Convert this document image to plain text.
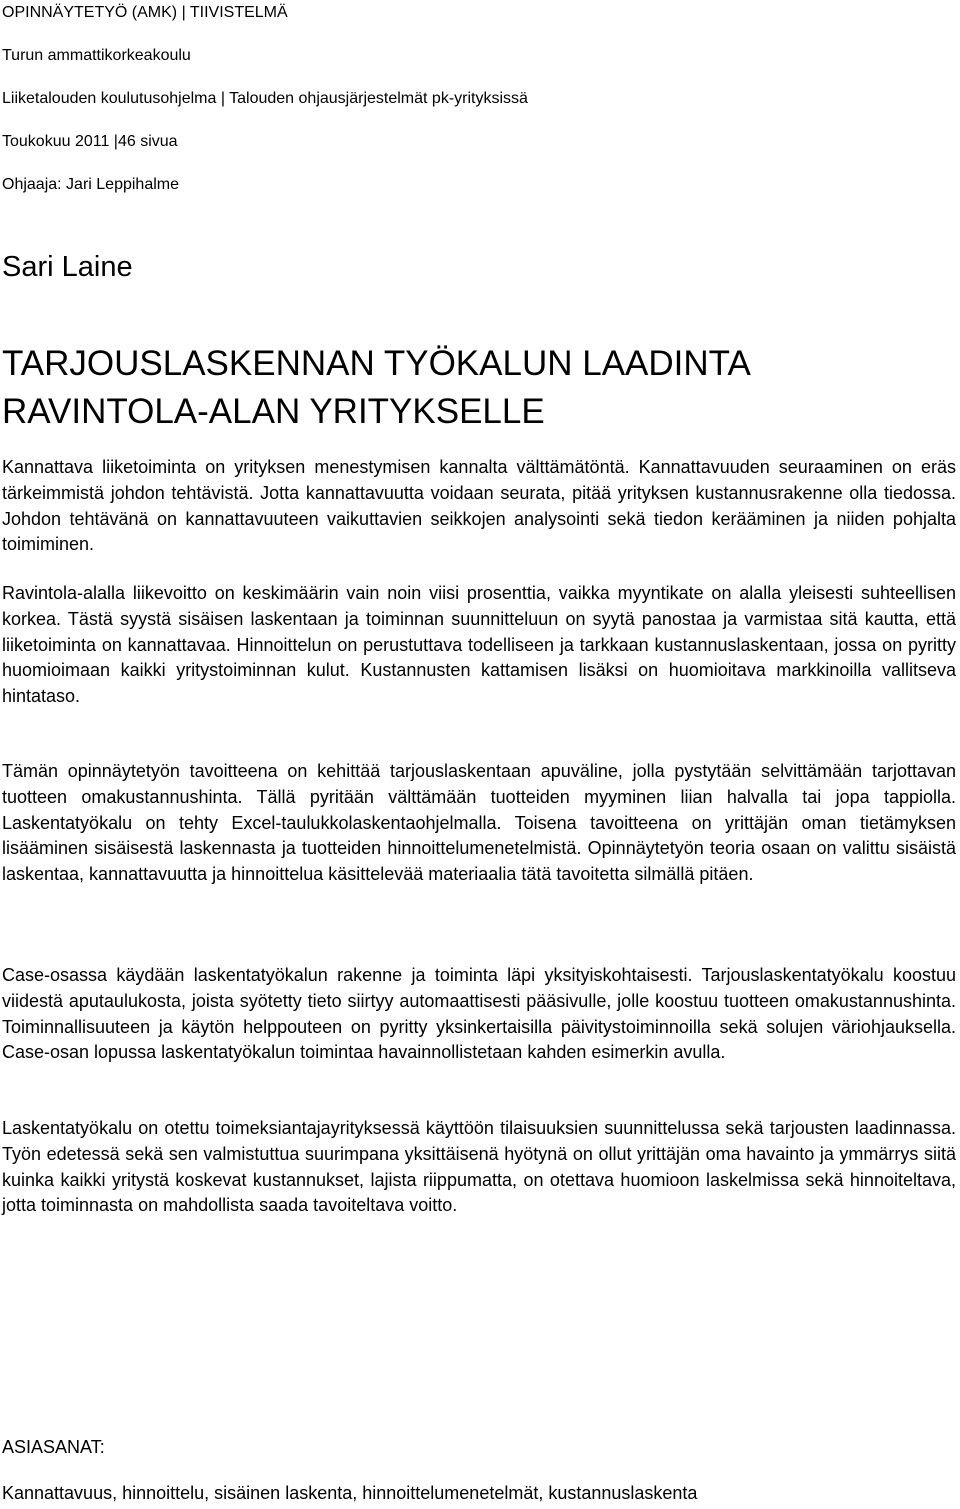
OPINNÄYTETYÖ (AMK) | TIIVISTELMÄ
Turun ammattikorkeakoulu
Liiketalouden koulutusohjelma | Talouden ohjausjärjestelmät pk-yrityksissä
Toukokuu 2011 |46 sivua
Ohjaaja: Jari Leppihalme
Sari Laine
TARJOUSLASKENNAN TYÖKALUN LAADINTA
RAVINTOLA-ALAN YRITYKSELLE

Kannattava liiketoiminta on yrityksen menestymisen kannalta välttämätöntä. Kannattavuuden seuraaminen on eräs tärkeimmistä johdon tehtävistä. Jotta kannattavuutta voidaan seurata, pitää yrityksen kustannusrakenne olla tiedossa. Johdon tehtävänä on kannattavuuteen vaikuttavien seikkojen analysointi sekä tiedon kerääminen ja niiden pohjalta toimiminen.

Ravintola-alalla liikevoitto on keskimäärin vain noin viisi prosenttia, vaikka myyntikate on alalla yleisesti suhteellisen korkea. Tästä syystä sisäisen laskentaan ja toiminnan suunnitteluun on syytä panostaa ja varmistaa sitä kautta, että liiketoiminta on kannattavaa. Hinnoittelun on perustuttava todelliseen ja tarkkaan kustannuslaskentaan, jossa on pyritty huomioimaan kaikki yritystoiminnan kulut. Kustannusten kattamisen lisäksi on huomioitava markkinoilla vallitseva hintataso.

Tämän opinnäytetyön tavoitteena on kehittää tarjouslaskentaan apuväline, jolla pystytään selvittämään tarjottavan tuotteen omakustannushinta. Tällä pyritään välttämään tuotteiden myyminen liian halvalla tai jopa tappiolla. Laskentatyökalu on tehty Excel-taulukkolaskentaohjelmalla. Toisena tavoitteena on yrittäjän oman tietämyksen lisääminen sisäisestä laskennasta ja tuotteiden hinnoittelumenetelmistä. Opinnäytetyön teoria osaan on valittu sisäistä laskentaa, kannattavuutta ja hinnoittelua käsittelevää materiaalia tätä tavoitetta silmällä pitäen.

Case-osassa käydään laskentatyökalun rakenne ja toiminta läpi yksityiskohtaisesti. Tarjouslaskentatyökalu koostuu viidestä aputaulukosta, joista syötetty tieto siirtyy automaattisesti pääsivulle, jolle koostuu tuotteen omakustannushinta. Toiminnallisuuteen ja käytön helppouteen on pyritty yksinkertaisilla päivitystoiminnoilla sekä solujen väriohjauksella. Case-osan lopussa laskentatyökalun toimintaa havainnollistetaan kahden esimerkin avulla.

Laskentatyökalu on otettu toimeksiantajayrityksessä käyttöön tilaisuuksien suunnittelussa sekä tarjousten laadinnassa. Työn edetessä sekä sen valmistuttua suurimpana yksittäisenä hyötynä on ollut yrittäjän oma havainto ja ymmärrys siitä kuinka kaikki yritystä koskevat kustannukset, lajista riippumatta, on otettava huomioon laskelmissa sekä hinnoiteltava, jotta toiminnasta on mahdollista saada tavoiteltava voitto.

ASIASANAT:
Kannattavuus, hinnoittelu, sisäinen laskenta, hinnoittelumenetelmät, kustannuslaskenta
